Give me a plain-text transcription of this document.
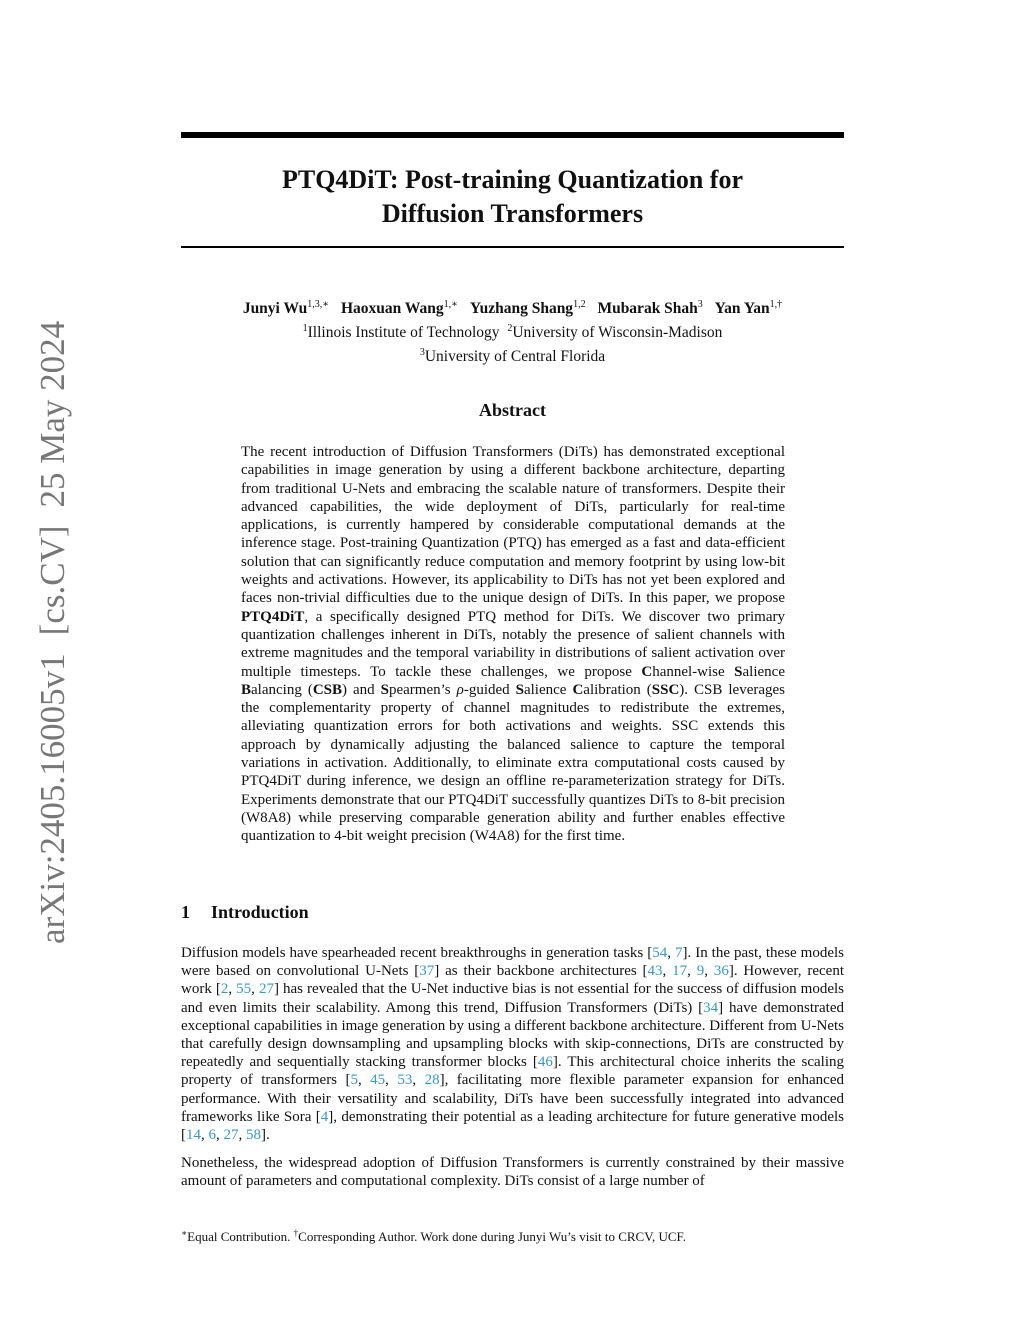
arXiv:2405.16005v1
[cs.CV]
25 May 2024
PTQ4DiT: Post-training Quantization for
Diffusion Transformers
Junyi $Wu^{1,3,∗}$ Haoxuan Wang$^{1,∗}$ Yuzhang Shang$^{1,2}$ Mubarak Shah$^3$ Yan Yan$^{1,\dagger}$
$^1$Illinois Institute of Technology $^2$University of Wisconsin-Madison
$^3$University of Central Florida
Abstract

The recent introduction of Diffusion Transformers (DiTs) has demonstrated exceptional capabilities in image generation by using a different backbone architecture, departing from traditional U-Nets and embracing the scalable nature of transformers. Despite their advanced capabilities, the wide deployment of DiTs, particularly for real-time applications, is currently hampered by considerable computational demands at the inference stage. Post-training Quantization (PTQ) has emerged as a fast and data-efficient solution that can significantly reduce computation and memory footprint by using low-bit weights and activations. However, its applicability to DiTs has not yet been explored and faces non-trivial difficulties due to the unique design of DiTs. In this paper, we propose PTQ4DiT, a specifically designed PTQ method for DiTs. We discover two primary quantization challenges inherent in DiTs, notably the presence of salient channels with extreme magnitudes and the temporal variability in distributions of salient activation over multiple timesteps. To tackle these challenges, we propose Channel-wise Salience Balancing (CSB) and Spearmen’s ρ-guided Salience Calibration (SSC). CSB leverages the complementarity property of channel magnitudes to redistribute the extremes, alleviating quantization errors for both activations and weights. SSC extends this approach by dynamically adjusting the balanced salience to capture the temporal variations in activation. Additionally, to eliminate extra computational costs caused by PTQ4DiT during inference, we design an offline re-parameterization strategy for DiTs. Experiments demonstrate that our PTQ4DiT successfully quantizes DiTs to 8-bit precision (W8A8) while preserving comparable generation ability and further enables effective quantization to 4-bit weight precision (W4A8) for the first time.

1 Introduction

Diffusion models have spearheaded recent breakthroughs in generation tasks [54, 7]. In the past, these models were based on convolutional U-Nets [37] as their backbone architectures [43, 17, 9, 36]. However, recent work [2, 55, 27] has revealed that the U-Net inductive bias is not essential for the success of diffusion models and even limits their scalability. Among this trend, Diffusion Transformers (DiTs) [34] have demonstrated exceptional capabilities in image generation by using a different backbone architecture. Different from U-Nets that carefully design downsampling and upsampling blocks with skip-connections, DiTs are constructed by repeatedly and sequentially stacking transformer blocks [46]. This architectural choice inherits the scaling property of transformers [5, 45, 53, 28], facilitating more flexible parameter expansion for enhanced performance. With their versatility and scalability, DiTs have been successfully integrated into advanced frameworks like Sora [4], demonstrating their potential as a leading architecture for future generative models [14, 6, 27, 58].

Nonetheless, the widespread adoption of Diffusion Transformers is currently constrained by their massive amount of parameters and computational complexity. DiTs consist of a large number of

∗Equal Contribution. †Corresponding Author. Work done during Junyi Wu’s visit to CRCV, UCF.
